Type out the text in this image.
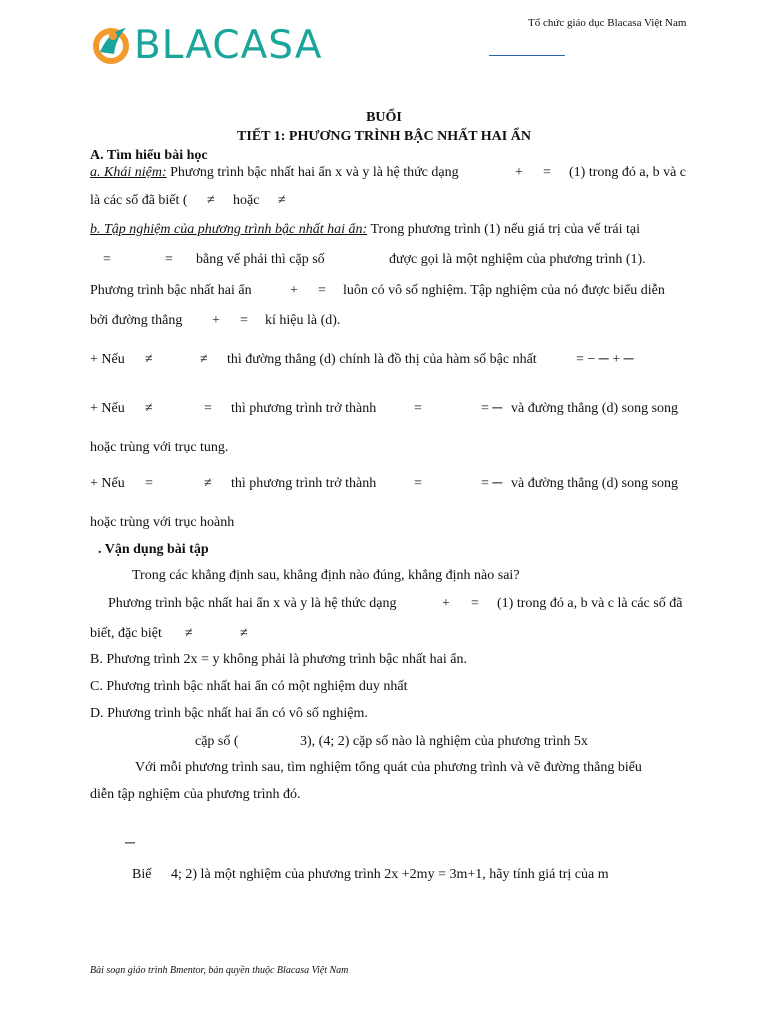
BLACASA	Tổ chức giáo dục Blacasa Việt Nam
BUỔI
TIẾT 1: PHƯƠNG TRÌNH BẬC NHẤT HAI ẨN
A. Tìm hiểu bài học
a. Khái niệm: Phương trình bậc nhất hai ẩn x và y là hệ thức dạng	+ = (1) trong đó a, b và c
là các số đã biết ( ≠ hoặc ≠
b. Tập nghiệm của phương trình bậc nhất hai ẩn: Trong phương trình (1) nếu giá trị của vế trái tại
=	= bằng vế phải thì cặp số	được gọi là một nghiệm của phương trình (1).
Phương trình bậc nhất hai ẩn	+ = luôn có vô số nghiệm. Tập nghiệm của nó được biểu diễn
bởi đường thẳng + = kí hiệu là (d).
+ Nếu ≠	≠ thì đường thẳng (d) chính là đồ thị của hàm số bậc nhất	= − ─ + ─
+ Nếu ≠	= thì phương trình trở thành	=	= ─ và đường thẳng (d) song song
hoặc trùng với trục tung.
+ Nếu =	≠ thì phương trình trở thành	=	= ─ và đường thẳng (d) song song
hoặc trùng với trục hoành
. Vận dụng bài tập
Trong các khẳng định sau, khẳng định nào đúng, khẳng định nào sai?
Phương trình bậc nhất hai ẩn x và y là hệ thức dạng	+ = (1) trong đó a, b và c là các số đã
biết, đặc biệt ≠	≠
B. Phương trình 2x = y không phải là phương trình bậc nhất hai ẩn.
C. Phương trình bậc nhất hai ẩn có một nghiệm duy nhất
D. Phương trình bậc nhất hai ẩn có vô số nghiệm.
cặp số (	3), (4; 2) cặp số nào là nghiệm của phương trình 5x
Với mỗi phương trình sau, tìm nghiệm tổng quát của phương trình và vẽ đường thẳng biểu
diễn tập nghiệm của phương trình đó.
─
Biế 4; 2) là một nghiệm của phương trình 2x +2my = 3m+1, hãy tính giá trị của m
Bài soạn giáo trình Bmentor, bản quyền thuộc Blacasa Việt Nam
